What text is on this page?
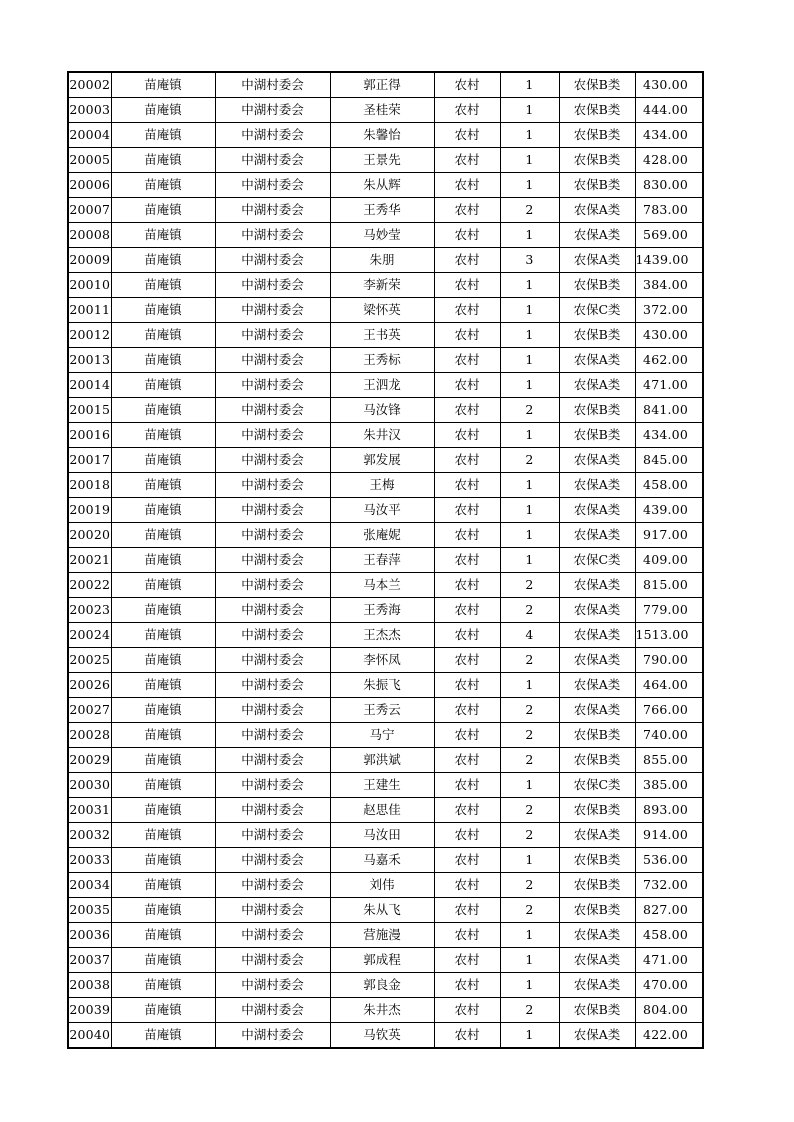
20002	苗庵镇	中湖村委会	郭正得	农村	1	农保B类	430.00
20003	苗庵镇	中湖村委会	圣桂荣	农村	1	农保B类	444.00
20004	苗庵镇	中湖村委会	朱馨怡	农村	1	农保B类	434.00
20005	苗庵镇	中湖村委会	王景先	农村	1	农保B类	428.00
20006	苗庵镇	中湖村委会	朱从辉	农村	1	农保B类	830.00
20007	苗庵镇	中湖村委会	王秀华	农村	2	农保A类	783.00
20008	苗庵镇	中湖村委会	马妙莹	农村	1	农保A类	569.00
20009	苗庵镇	中湖村委会	朱朋	农村	3	农保A类	1439.00
20010	苗庵镇	中湖村委会	李新荣	农村	1	农保B类	384.00
20011	苗庵镇	中湖村委会	梁怀英	农村	1	农保C类	372.00
20012	苗庵镇	中湖村委会	王书英	农村	1	农保B类	430.00
20013	苗庵镇	中湖村委会	王秀标	农村	1	农保A类	462.00
20014	苗庵镇	中湖村委会	王泗龙	农村	1	农保A类	471.00
20015	苗庵镇	中湖村委会	马汝锋	农村	2	农保B类	841.00
20016	苗庵镇	中湖村委会	朱井汉	农村	1	农保B类	434.00
20017	苗庵镇	中湖村委会	郭发展	农村	2	农保A类	845.00
20018	苗庵镇	中湖村委会	王梅	农村	1	农保A类	458.00
20019	苗庵镇	中湖村委会	马汝平	农村	1	农保A类	439.00
20020	苗庵镇	中湖村委会	张庵妮	农村	1	农保A类	917.00
20021	苗庵镇	中湖村委会	王春萍	农村	1	农保C类	409.00
20022	苗庵镇	中湖村委会	马本兰	农村	2	农保A类	815.00
20023	苗庵镇	中湖村委会	王秀海	农村	2	农保A类	779.00
20024	苗庵镇	中湖村委会	王杰杰	农村	4	农保A类	1513.00
20025	苗庵镇	中湖村委会	李怀凤	农村	2	农保A类	790.00
20026	苗庵镇	中湖村委会	朱振飞	农村	1	农保A类	464.00
20027	苗庵镇	中湖村委会	王秀云	农村	2	农保A类	766.00
20028	苗庵镇	中湖村委会	马宁	农村	2	农保B类	740.00
20029	苗庵镇	中湖村委会	郭洪斌	农村	2	农保B类	855.00
20030	苗庵镇	中湖村委会	王建生	农村	1	农保C类	385.00
20031	苗庵镇	中湖村委会	赵思佳	农村	2	农保B类	893.00
20032	苗庵镇	中湖村委会	马汝田	农村	2	农保A类	914.00
20033	苗庵镇	中湖村委会	马嘉禾	农村	1	农保B类	536.00
20034	苗庵镇	中湖村委会	刘伟	农村	2	农保B类	732.00
20035	苗庵镇	中湖村委会	朱从飞	农村	2	农保B类	827.00
20036	苗庵镇	中湖村委会	营施漫	农村	1	农保A类	458.00
20037	苗庵镇	中湖村委会	郭成程	农村	1	农保A类	471.00
20038	苗庵镇	中湖村委会	郭良金	农村	1	农保A类	470.00
20039	苗庵镇	中湖村委会	朱井杰	农村	2	农保B类	804.00
20040	苗庵镇	中湖村委会	马钦英	农村	1	农保A类	422.00
